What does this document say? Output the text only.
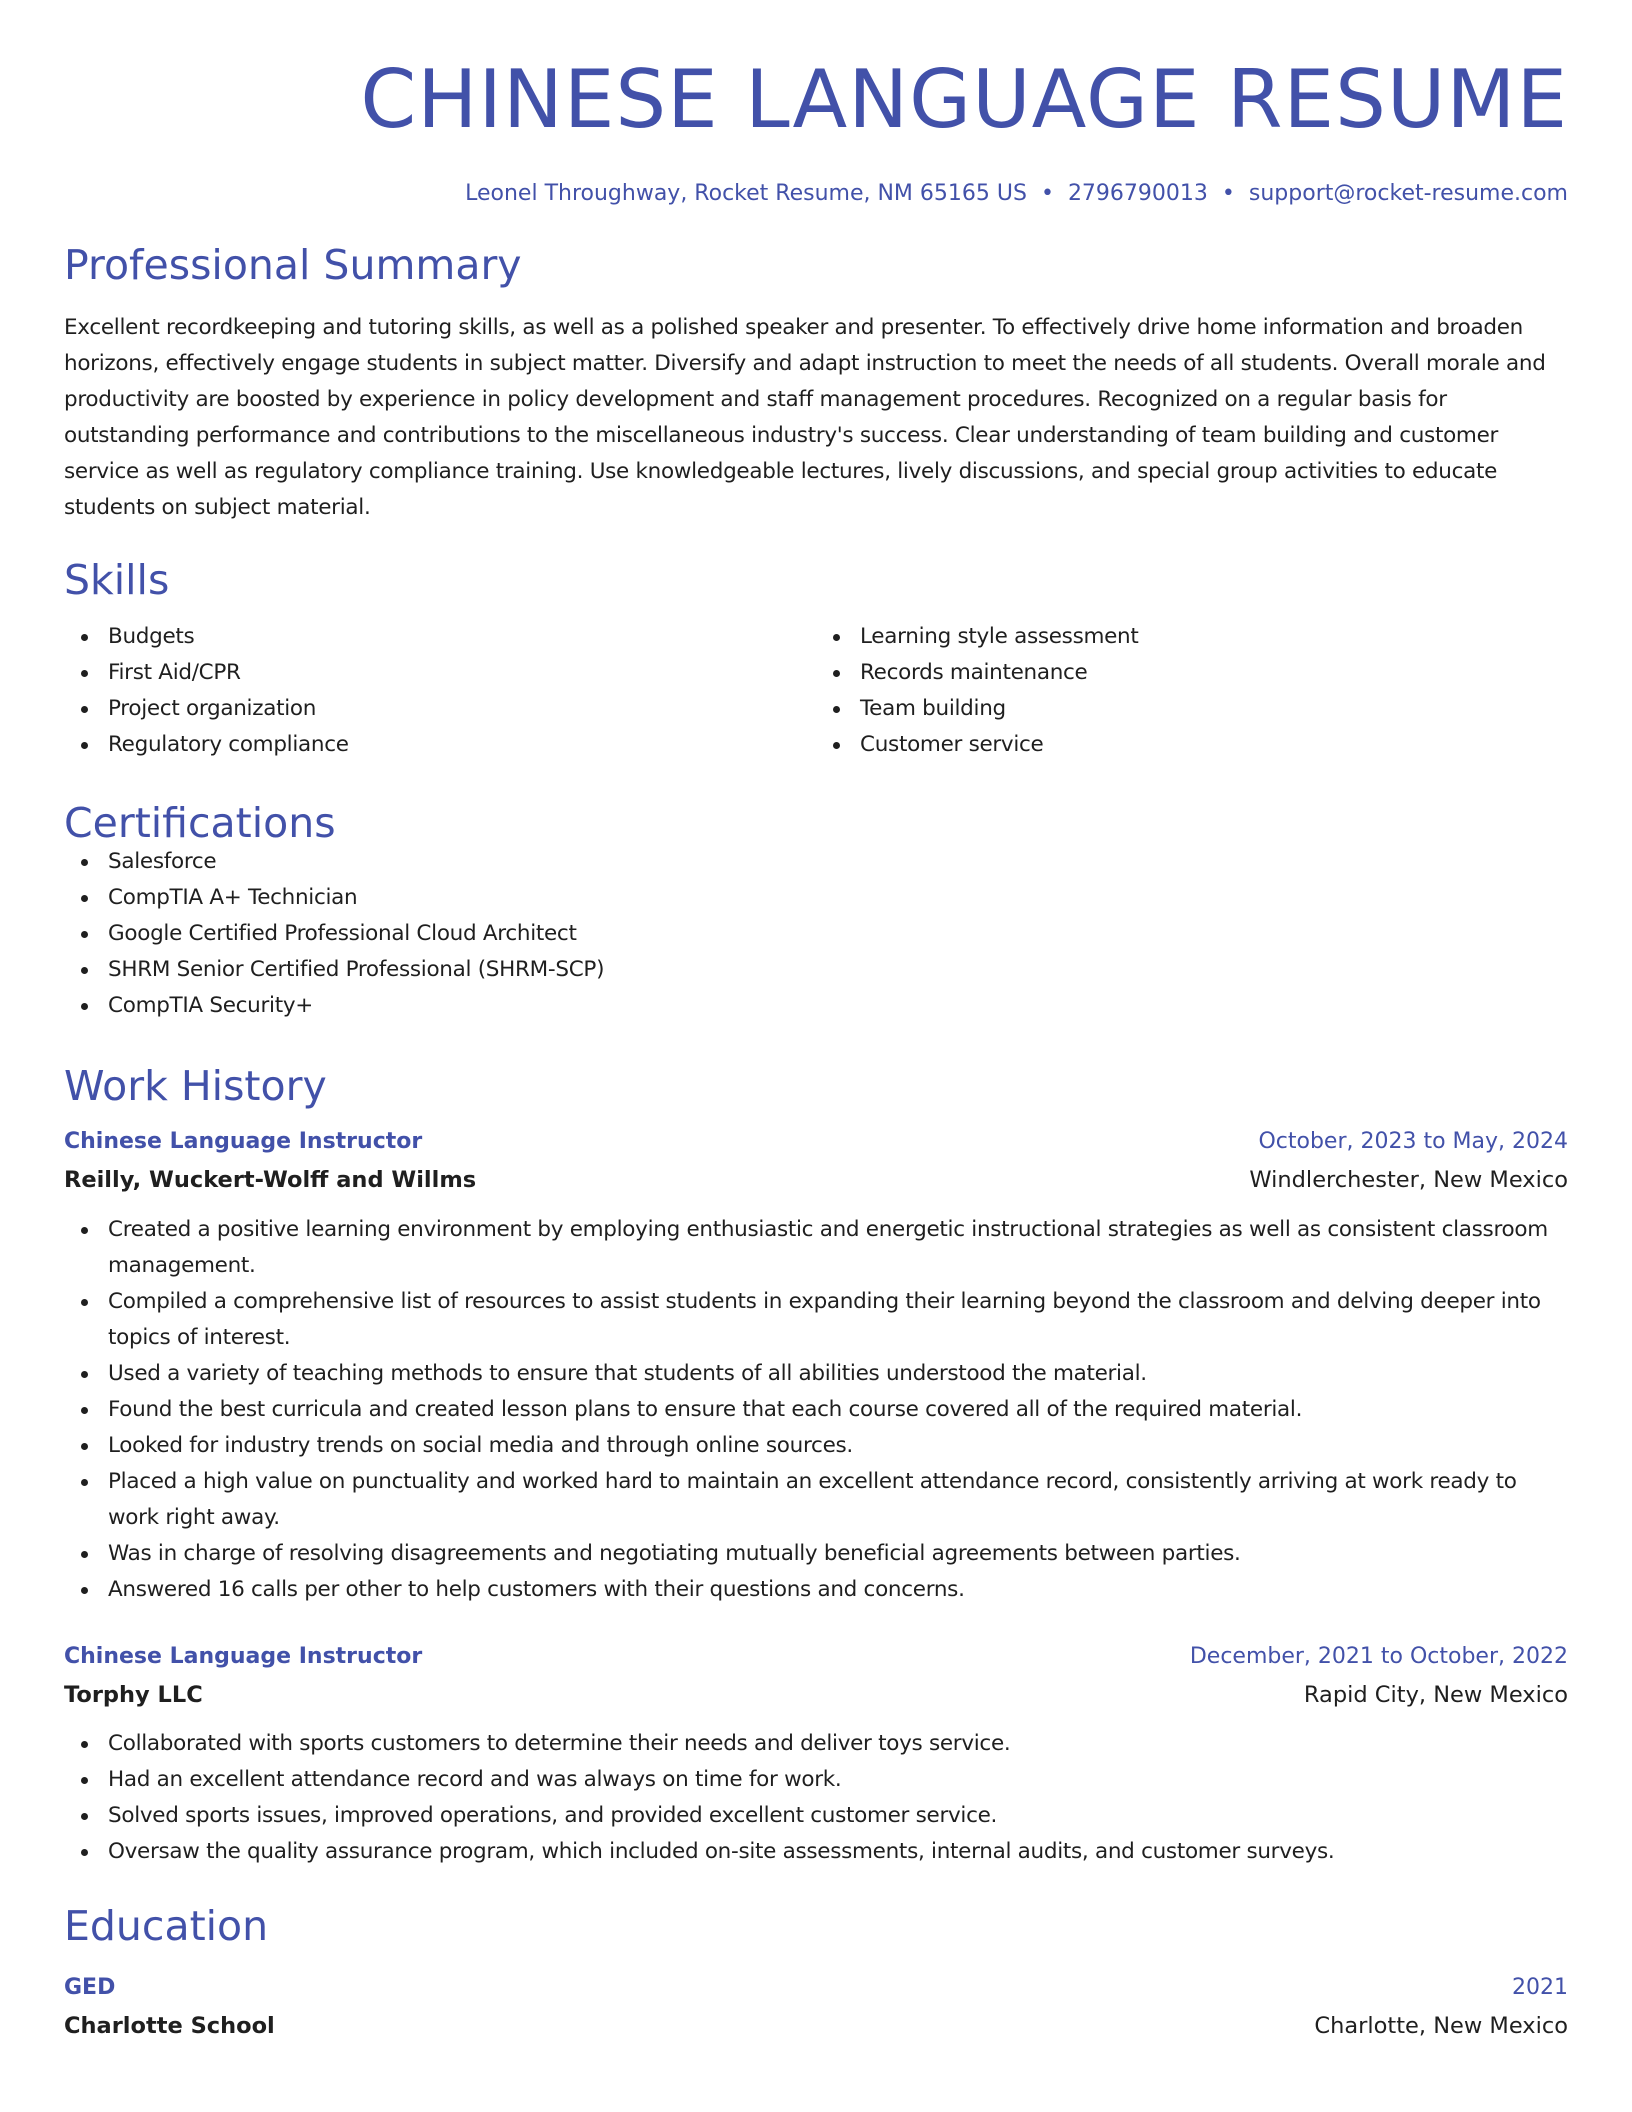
CHINESE LANGUAGE RESUME
Leonel Throughway, Rocket Resume, NM 65165 US • 2796790013 • support@rocket-resume.com
Professional Summary
Excellent recordkeeping and tutoring skills, as well as a polished speaker and presenter. To effectively drive home information and broaden horizons, effectively engage students in subject matter. Diversify and adapt instruction to meet the needs of all students. Overall morale and productivity are boosted by experience in policy development and staff management procedures. Recognized on a regular basis for outstanding performance and contributions to the miscellaneous industry's success. Clear understanding of team building and customer service as well as regulatory compliance training. Use knowledgeable lectures, lively discussions, and special group activities to educate students on subject material.
Skills
Budgets
First Aid/CPR
Project organization
Regulatory compliance
Learning style assessment
Records maintenance
Team building
Customer service
Certifications
Salesforce
CompTIA A+ Technician
Google Certified Professional Cloud Architect
SHRM Senior Certified Professional (SHRM-SCP)
CompTIA Security+
Work History
Chinese Language Instructor	October, 2023 to May, 2024
Reilly, Wuckert-Wolff and Willms	Windlerchester, New Mexico
Created a positive learning environment by employing enthusiastic and energetic instructional strategies as well as consistent classroom management.
Compiled a comprehensive list of resources to assist students in expanding their learning beyond the classroom and delving deeper into topics of interest.
Used a variety of teaching methods to ensure that students of all abilities understood the material.
Found the best curricula and created lesson plans to ensure that each course covered all of the required material.
Looked for industry trends on social media and through online sources.
Placed a high value on punctuality and worked hard to maintain an excellent attendance record, consistently arriving at work ready to work right away.
Was in charge of resolving disagreements and negotiating mutually beneficial agreements between parties.
Answered 16 calls per other to help customers with their questions and concerns.
Chinese Language Instructor	December, 2021 to October, 2022
Torphy LLC	Rapid City, New Mexico
Collaborated with sports customers to determine their needs and deliver toys service.
Had an excellent attendance record and was always on time for work.
Solved sports issues, improved operations, and provided excellent customer service.
Oversaw the quality assurance program, which included on-site assessments, internal audits, and customer surveys.
Education
GED	2021
Charlotte School	Charlotte, New Mexico
